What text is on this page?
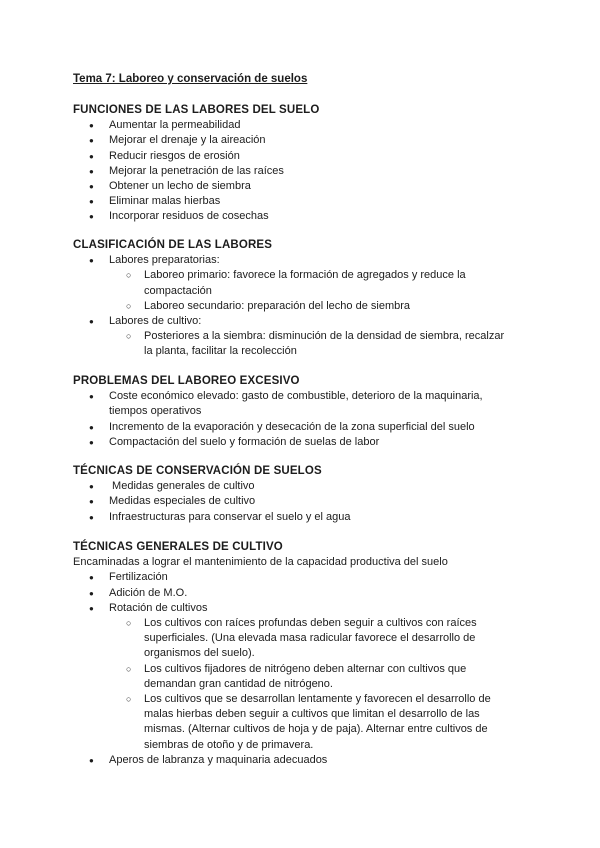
Tema 7: Laboreo y conservación de suelos

FUNCIONES DE LAS LABORES DEL SUELO

● Aumentar la permeabilidad
● Mejorar el drenaje y la aireación
● Reducir riesgos de erosión
● Mejorar la penetración de las raíces
● Obtener un lecho de siembra
● Eliminar malas hierbas
● Incorporar residuos de cosechas

CLASIFICACIÓN DE LAS LABORES

● Labores preparatorias:
○ Laboreo primario: favorece la formación de agregados y reduce la compactación
○ Laboreo secundario: preparación del lecho de siembra
● Labores de cultivo:
○ Posteriores a la siembra: disminución de la densidad de siembra, recalzar la planta, facilitar la recolección

PROBLEMAS DEL LABOREO EXCESIVO

● Coste económico elevado: gasto de combustible, deterioro de la maquinaria, tiempos operativos
● Incremento de la evaporación y desecación de la zona superficial del suelo
● Compactación del suelo y formación de suelas de labor

TÉCNICAS DE CONSERVACIÓN DE SUELOS

●  Medidas generales de cultivo
● Medidas especiales de cultivo
● Infraestructuras para conservar el suelo y el agua

TÉCNICAS GENERALES DE CULTIVO

Encaminadas a lograr el mantenimiento de la capacidad productiva del suelo

● Fertilización
● Adición de M.O.
● Rotación de cultivos
○ Los cultivos con raíces profundas deben seguir a cultivos con raíces superficiales. (Una elevada masa radicular favorece el desarrollo de organismos del suelo).
○ Los cultivos fijadores de nitrógeno deben alternar con cultivos que demandan gran cantidad de nitrógeno.
○ Los cultivos que se desarrollan lentamente y favorecen el desarrollo de malas hierbas deben seguir a cultivos que limitan el desarrollo de las mismas. (Alternar cultivos de hoja y de paja). Alternar entre cultivos de siembras de otoño y de primavera.
● Aperos de labranza y maquinaria adecuados
